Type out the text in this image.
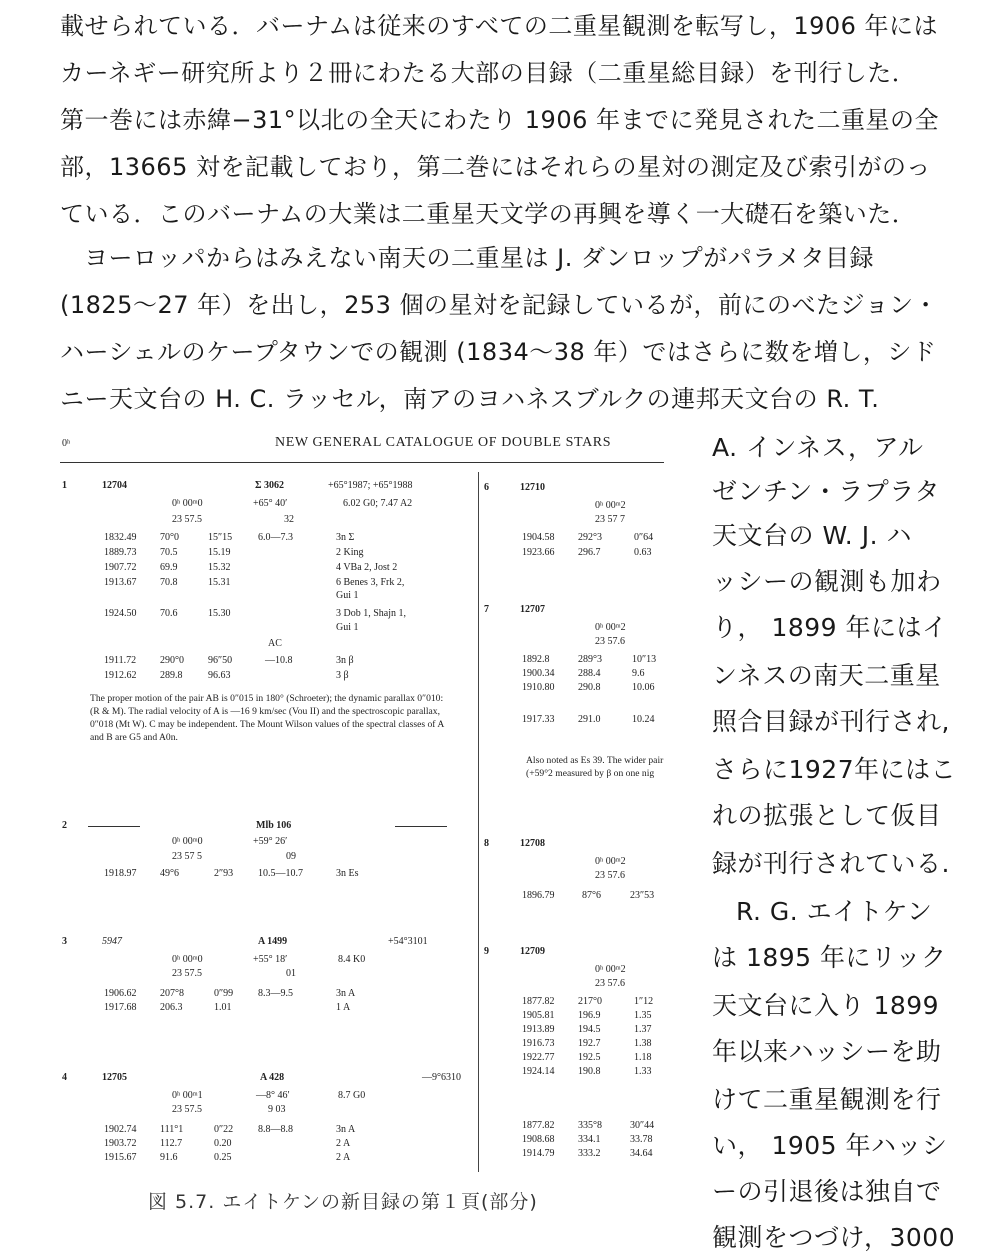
載せられている．バーナムは従来のすべての二重星観測を転写し，1906 年には
カーネギー研究所より２冊にわたる大部の目録（二重星総目録）を刊行した．
第一巻には赤緯−31°以北の全天にわたり 1906 年までに発見された二重星の全
部，13665 対を記載しており，第二巻にはそれらの星対の測定及び索引がのっ
ている．このバーナムの大業は二重星天文学の再興を導く一大礎石を築いた．
ヨーロッパからはみえない南天の二重星は J. ダンロップがパラメタ目録
(1825〜27 年）を出し，253 個の星対を記録しているが，前にのべたジョン・
ハーシェルのケープタウンでの観測 (1834〜38 年）ではさらに数を増し，シド
ニー天文台の H. C. ラッセル，南アのヨハネスブルクの連邦天文台の R. T.
A. インネス，アル
ゼンチン・ラプラタ
天文台の W. J. ハ
ッシーの観測も加わ
り， 1899 年にはイ
ンネスの南天二重星
照合目録が刊行され,
さらに1927年にはこ
れの拡張として仮目
録が刊行されている.
R. G. エイトケン
は 1895 年にリック
天文台に入り 1899
年以来ハッシーを助
けて二重星観測を行
い， 1905 年ハッシ
ーの引退後は独自で
観測をつづけ，3000
0ʰ	NEW GENERAL CATALOGUE OF DOUBLE STARS
1	12704	Σ 3062	+65°1987; +65°1988
0ʰ 00ᵐ0	+65° 40′	6.02 G0; 7.47 A2
23 57.5	32
1832.49 70°0	15″15	6.0—7.3	3n Σ
1889.73 70.5	15.19	2 King
1907.72 69.9	15.32	4 VBa 2, Jost 2
1913.67 70.8	15.31	6 Benes 3, Frk 2,
Gui 1
1924.50 70.6	15.30	3 Dob 1, Shajn 1,
Gui 1
AC
1911.72 290°0 96″50	—10.8	3n β
1912.62 289.8	96.63	3 β
The proper motion of the pair AB is 0″015 in 180° (Schroeter); the dynamic parallax 0″010: (R & M). The radial velocity of A is —16 9 km/sec (Vou II) and the spectroscopic parallax, 0″018 (Mt W). C may be independent. The Mount Wilson values of the spectral classes of A and B are G5 and A0n.
2	Mlb 106
0ʰ 00ᵐ0	+59° 26′
23 57 5	09
1918.97 49°6	2″93 10.5—10.7	3n Es
3	5947	A 1499	+54°3101
0ʰ 00ᵐ0	+55° 18′	8.4 K0
23 57.5	01
1906.62 207°8	0″99 8.3—9.5	3n A
1917.68 206.3	1.01	1 A
4	12705	A 428	—9°6310
0ʰ 00ᵐ1	—8° 46′	8.7 G0
23 57.5	9 03
1902.74 111°1	0″22 8.8—8.8	3n A
1903.72 112.7	0.20	2 A
1915.67 91.6	0.25	2 A
6	12710
0ʰ 00ᵐ2
23 57 7
1904.58 292°3	0″64
1923.66 296.7	0.63
7	12707
0ʰ 00ᵐ2
23 57.6
1892.8	289°3	10″13
1900.34 288.4	9.6
1910.80 290.8	10.06
1917.33 291.0	10.24
Also noted as Es 39. The wider pair (+59°2 measured by β on one nig
8	12708
0ʰ 00ᵐ2
23 57.6
1896.79	87°6	23″53
9	12709
0ʰ 00ᵐ2
23 57.6
1877.82 217°0	1″12
1905.81 196.9	1.35
1913.89 194.5	1.37
1916.73 192.7	1.38
1922.77 192.5	1.18
1924.14 190.8	1.33
1877.82 335°8	30″44
1908.68 334.1	33.78
1914.79 333.2	34.64
図 5.7. エイトケンの新目録の第１頁(部分)
